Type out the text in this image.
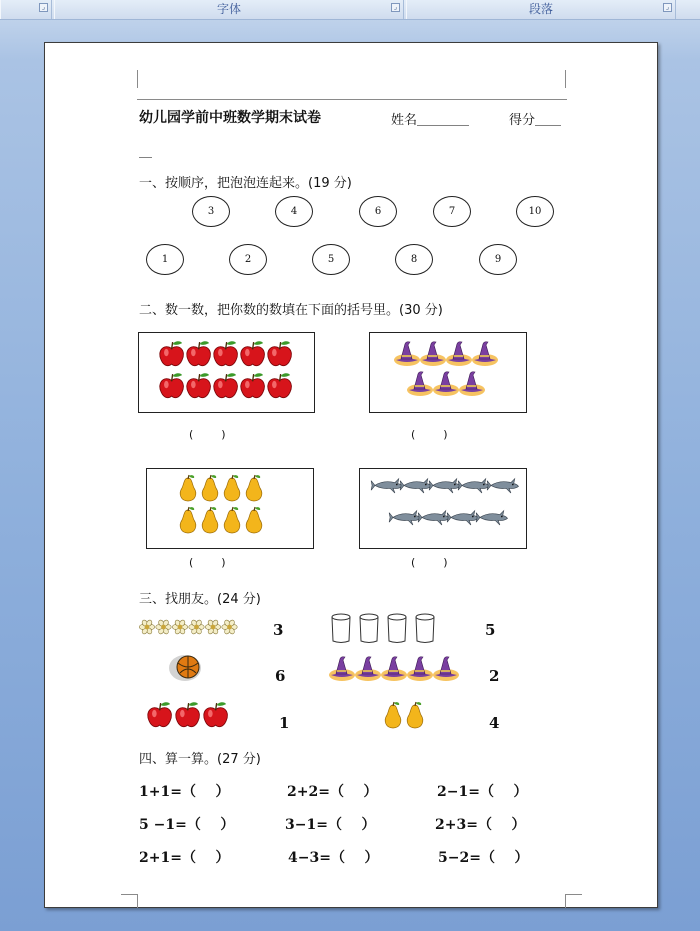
⌟	字体	⌟	段落	⌟
幼儿园学前中班数学期末试卷	姓名＿＿＿＿	得分＿＿
＿
一、按顺序，把泡泡连起来。(19 分)
3	4	6	7	10
1	2	5	8	9
二、数一数，把你数的数填在下面的括号里。(30 分)
(        )	(        )
(        )	(        )
三、找朋友。(24 分)
3	5
6	2
1	4
四、算一算。(27 分)
1+1=（    ）	2+2=（    ）	2−1=（    ）
5 −1=（    ）	3−1=（    ）	2+3=（    ）
2+1=（    ）	4−3=（    ）	5−2=（    ）
